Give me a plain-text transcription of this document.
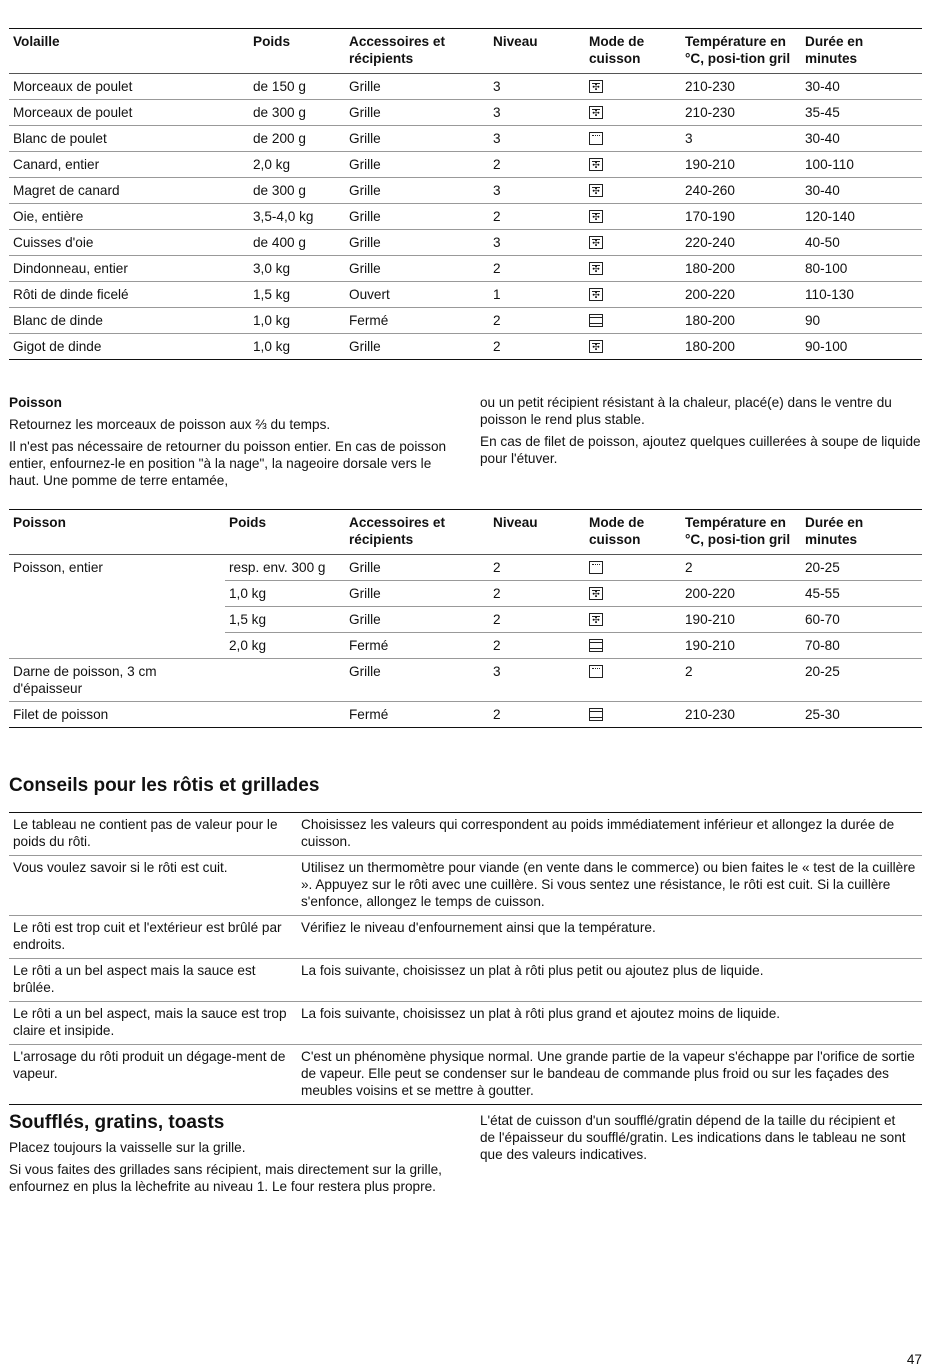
Volaille	Poids	Accessoires et récipients	Niveau	Mode de cuisson	Température en °C, posi-tion gril	Durée en minutes
Morceaux de poulet	de 150 g	Grille	3	✣	210-230	30-40
Morceaux de poulet	de 300 g	Grille	3	✣	210-230	35-45
Blanc de poulet	de 200 g	Grille	3		3	30-40
Canard, entier	2,0 kg	Grille	2	✣	190-210	100-110
Magret de canard	de 300 g	Grille	3	✣	240-260	30-40
Oie, entière	3,5-4,0 kg	Grille	2	✣	170-190	120-140
Cuisses d'oie	de 400 g	Grille	3	✣	220-240	40-50
Dindonneau, entier	3,0 kg	Grille	2	✣	180-200	80-100
Rôti de dinde ficelé	1,5 kg	Ouvert	1	✣	200-220	110-130
Blanc de dinde	1,0 kg	Fermé	2		180-200	90
Gigot de dinde	1,0 kg	Grille	2	✣	180-200	90-100

Poisson

Retournez les morceaux de poisson aux ⅔ du temps.

Il n'est pas nécessaire de retourner du poisson entier. En cas de poisson entier, enfournez-le en position "à la nage", la nageoire dorsale vers le haut. Une pomme de terre entamée,

ou un petit récipient résistant à la chaleur, placé(e) dans le ventre du poisson le rend plus stable.

En cas de filet de poisson, ajoutez quelques cuillerées à soupe de liquide pour l'étuver.

Poisson	Poids	Accessoires et récipients	Niveau	Mode de cuisson	Température en °C, posi-tion gril	Durée en minutes
Poisson, entier	resp. env. 300 g	Grille	2		2	20-25
	1,0 kg	Grille	2	✣	200-220	45-55
	1,5 kg	Grille	2	✣	190-210	60-70
	2,0 kg	Fermé	2		190-210	70-80
Darne de poisson, 3 cm d'épaisseur		Grille	3		2	20-25
Filet de poisson		Fermé	2		210-230	25-30
Conseils pour les rôtis et grillades
Le tableau ne contient pas de valeur pour le poids du rôti.	Choisissez les valeurs qui correspondent au poids immédiatement inférieur et allongez la durée de cuisson.
Vous voulez savoir si le rôti est cuit.	Utilisez un thermomètre pour viande (en vente dans le commerce) ou bien faites le « test de la cuillère ». Appuyez sur le rôti avec une cuillère. Si vous sentez une résistance, le rôti est cuit. Si la cuillère s'enfonce, allongez le temps de cuisson.
Le rôti est trop cuit et l'extérieur est brûlé par endroits.	Vérifiez le niveau d'enfournement ainsi que la température.
Le rôti a un bel aspect mais la sauce est brûlée.	La fois suivante, choisissez un plat à rôti plus petit ou ajoutez plus de liquide.
Le rôti a un bel aspect, mais la sauce est trop claire et insipide.	La fois suivante, choisissez un plat à rôti plus grand et ajoutez moins de liquide.
L'arrosage du rôti produit un dégage-ment de vapeur.	C'est un phénomène physique normal. Une grande partie de la vapeur s'échappe par l'orifice de sortie de vapeur. Elle peut se condenser sur le bandeau de commande plus froid ou sur les façades des meubles voisins et se mettre à goutter.
Soufflés, gratins, toasts

Placez toujours la vaisselle sur la grille.

Si vous faites des grillades sans récipient, mais directement sur la grille, enfournez en plus la lèchefrite au niveau 1. Le four restera plus propre.

L'état de cuisson d'un soufflé/gratin dépend de la taille du récipient et de l'épaisseur du soufflé/gratin. Les indications dans le tableau ne sont que des valeurs indicatives.

47
